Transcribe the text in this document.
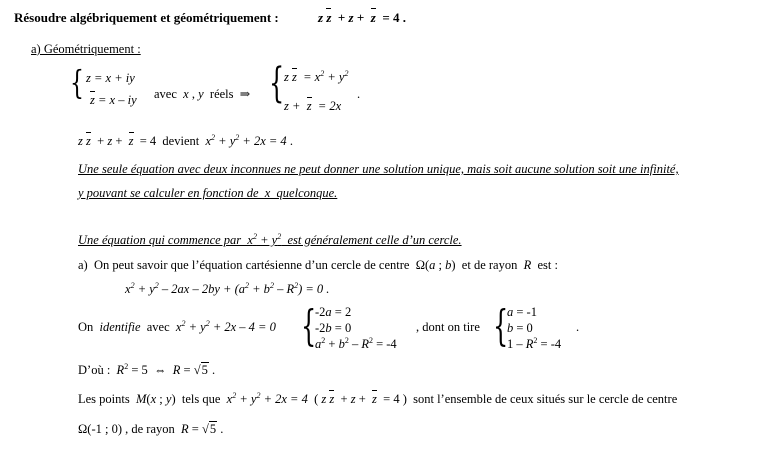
Résoudre algébriquement et géométriquement :	z z  + z +  z  = 4 .
a) Géométriquement :
{ z = x + iy
z = x – iy avec  x , y  réels  ⇒ { z $z = x^2 + y^2$
z +  z  = 2x
.
z z  + z +  z  = 4  devient  $x^2 + y^2 + 2x = 4$ .
Une seule équation avec deux inconnues ne peut donner une solution unique, mais soit aucune solution soit une infinité,
y pouvant se calculer en fonction de  x  quelconque.
Une équation qui commence par  $x^2 + y^2$  est généralement celle d’un cercle.
a)  On peut savoir que l’équation cartésienne d’un cercle de centre  Ω(a ; b)  et de rayon  R  est :
$x^2 + y^2 - 2ax - 2by + (a^2 + b^2 - R^2) = 0$ .
On  identifie  avec  $x^2 + y^2 + 2x - 4 = 0$ {
-2a = 2
-2b = 0
$a^2 + b^2 - R^2 = -4$
, dont on tire {
a = -1
b = 0
$1 - R^2 = -4$
.
D’où :  $R^2 = 5$  ⇔  R = √5 .
Les points  M(x ; y)  tels que  $x^2 + y^2 + 2x = 4$  ( z z  + z +  z  = 4 )  sont l’ensemble de ceux situés sur le cercle de centre
Ω(-1 ; 0) , de rayon  R = √5 .
